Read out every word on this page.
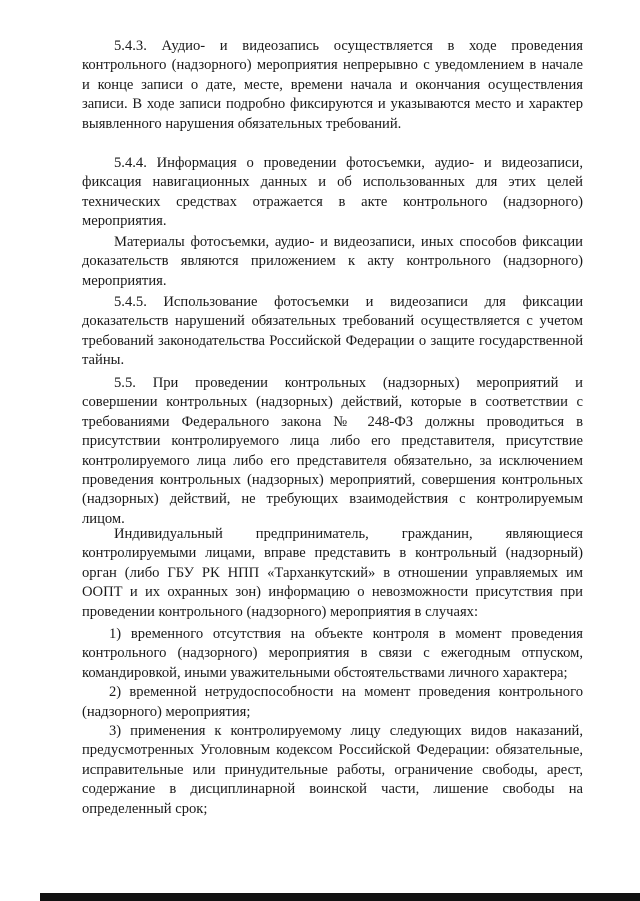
5.4.3. Аудио- и видеозапись осуществляется в ходе проведения контрольного (надзорного) мероприятия непрерывно с уведомлением в начале и конце записи о дате, месте, времени начала и окончания осуществления записи. В ходе записи подробно фиксируются и указываются место и характер выявленного нарушения обязательных требований.

5.4.4. Информация о проведении фотосъемки, аудио- и видеозаписи, фиксация навигационных данных и об использованных для этих целей технических средствах отражается в акте контрольного (надзорного) мероприятия.

Материалы фотосъемки, аудио- и видеозаписи, иных способов фиксации доказательств являются приложением к акту контрольного (надзорного) мероприятия.

5.4.5. Использование фотосъемки и видеозаписи для фиксации доказательств нарушений обязательных требований осуществляется с учетом требований законодательства Российской Федерации о защите государственной тайны.

5.5. При проведении контрольных (надзорных) мероприятий и совершении контрольных (надзорных) действий, которые в соответствии с требованиями Федерального закона № 248-ФЗ должны проводиться в присутствии контролируемого лица либо его представителя, присутствие контролируемого лица либо его представителя обязательно, за исключением проведения контрольных (надзорных) мероприятий, совершения контрольных (надзорных) действий, не требующих взаимодействия с контролируемым лицом.

Индивидуальный предприниматель, гражданин, являющиеся контролируемыми лицами, вправе представить в контрольный (надзорный) орган (либо ГБУ РК НПП «Тарханкутский» в отношении управляемых им ООПТ и их охранных зон) информацию о невозможности присутствия при проведении контрольного (надзорного) мероприятия в случаях:

1) временного отсутствия на объекте контроля в момент проведения контрольного (надзорного) мероприятия в связи с ежегодным отпуском, командировкой, иными уважительными обстоятельствами личного характера;

2) временной нетрудоспособности на момент проведения контрольного (надзорного) мероприятия;

3) применения к контролируемому лицу следующих видов наказаний, предусмотренных Уголовным кодексом Российской Федерации: обязательные, исправительные или принудительные работы, ограничение свободы, арест, содержание в дисциплинарной воинской части, лишение свободы на определенный срок;
